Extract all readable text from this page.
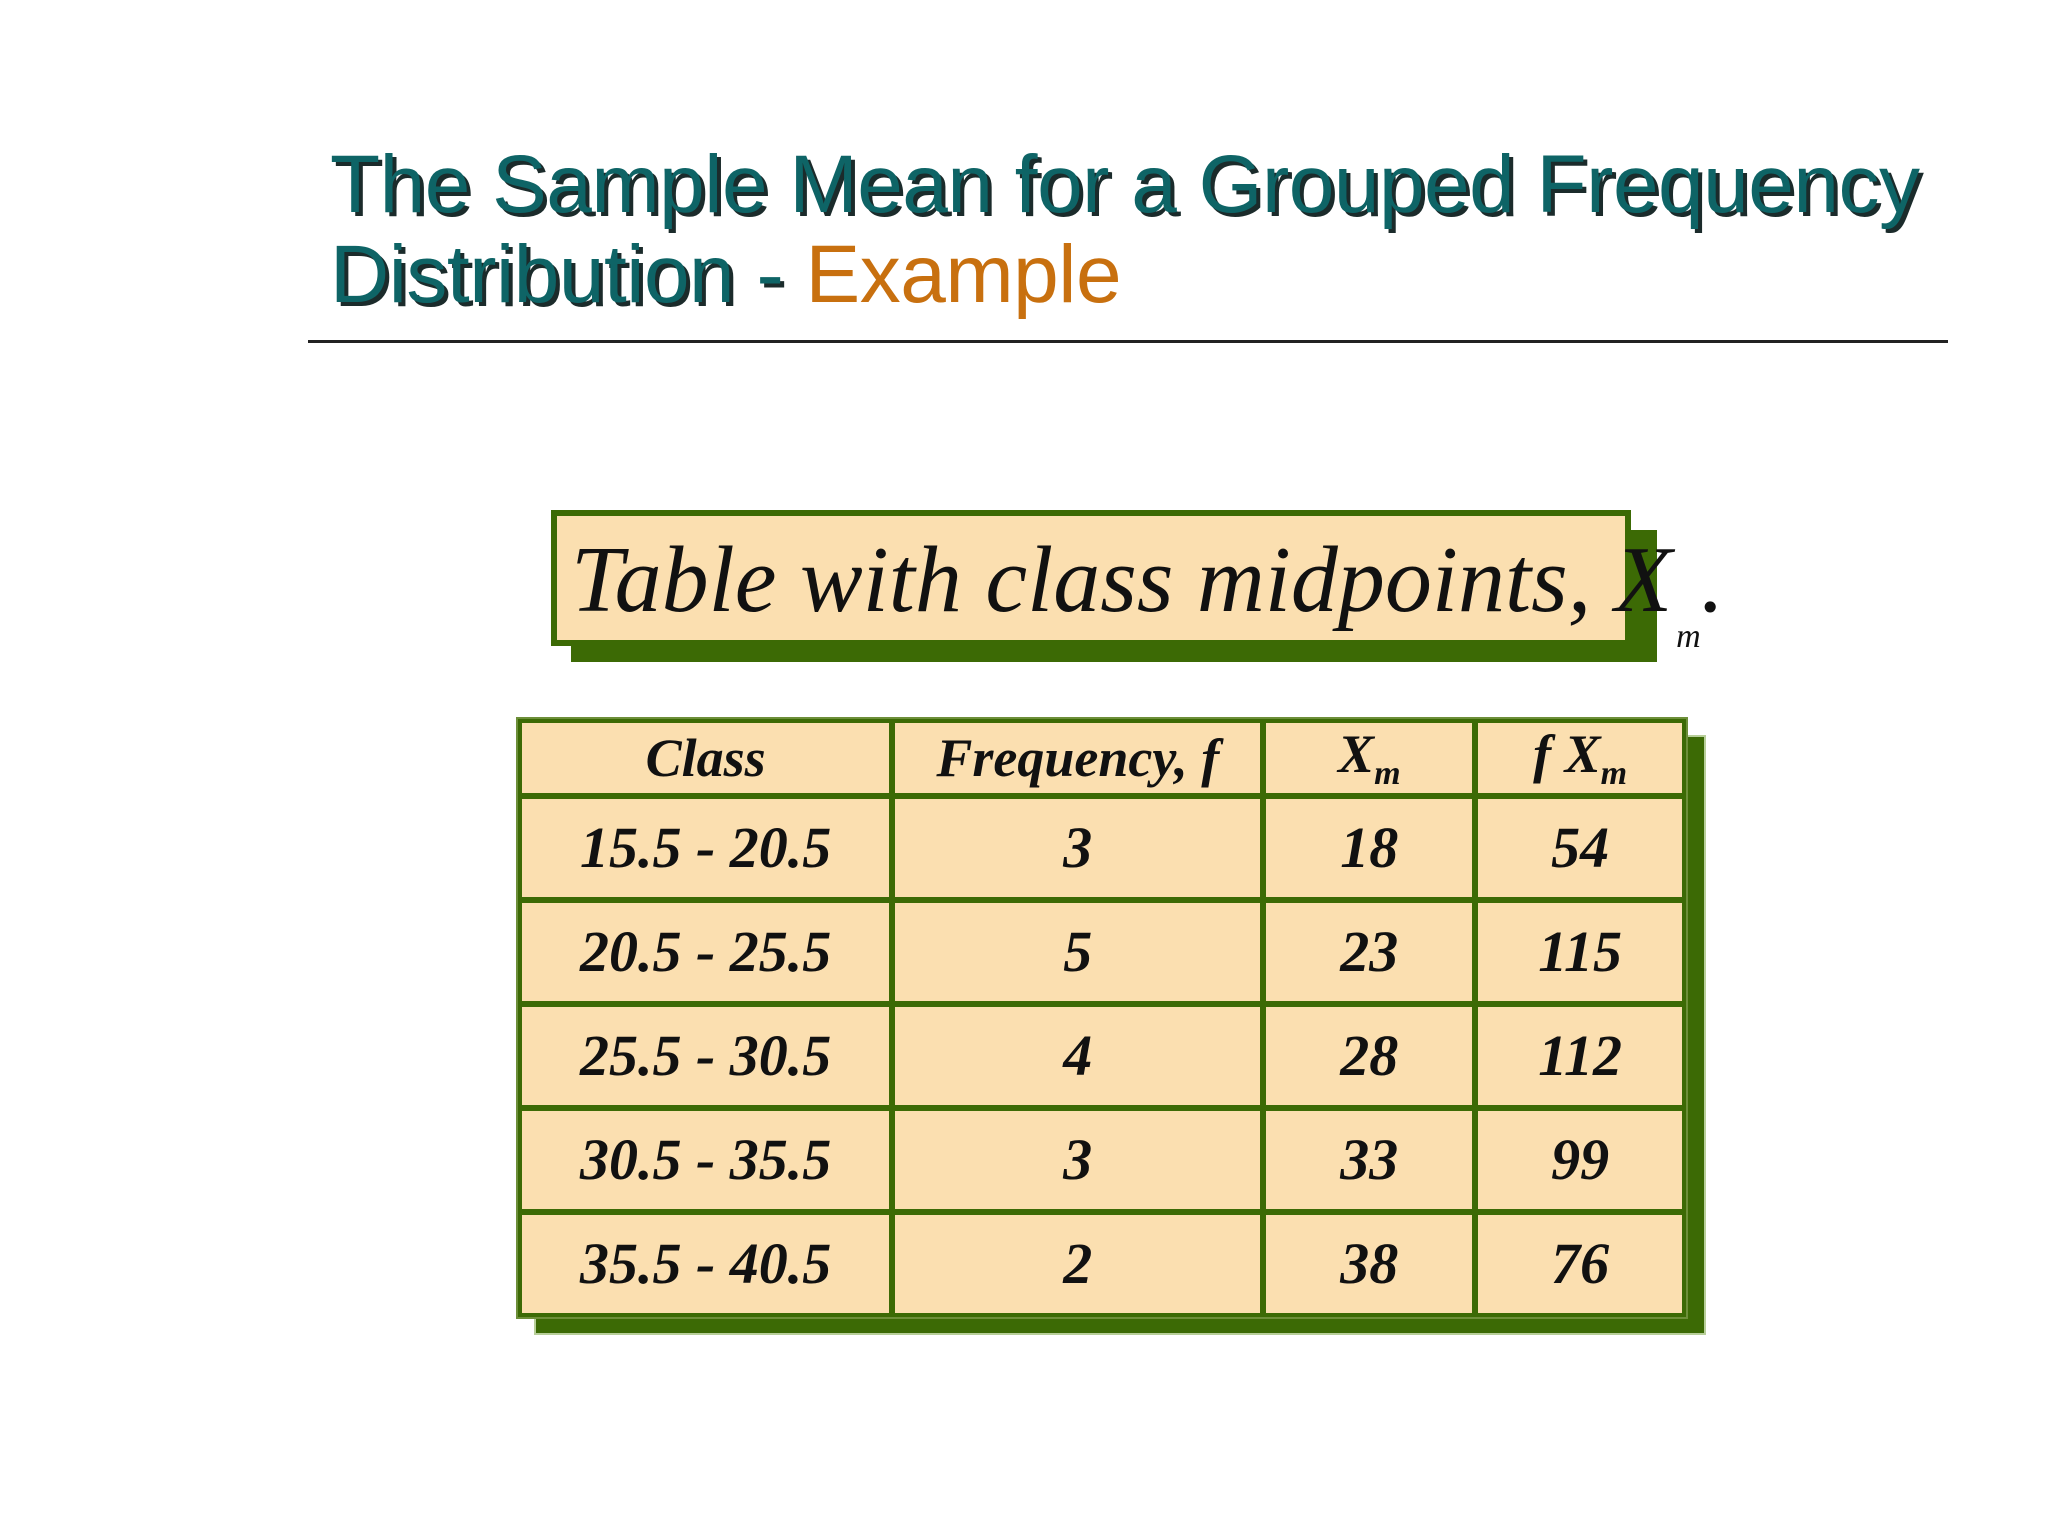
The Sample Mean for a Grouped Frequency Distribution - Example
Table with class midpoints, $X_m$.
Class	Frequency, f	$X_m$	f $X_m$
15.5 - 20.5	3	18	54
20.5 - 25.5	5	23	115
25.5 - 30.5	4	28	112
30.5 - 35.5	3	33	99
35.5 - 40.5	2	38	76
